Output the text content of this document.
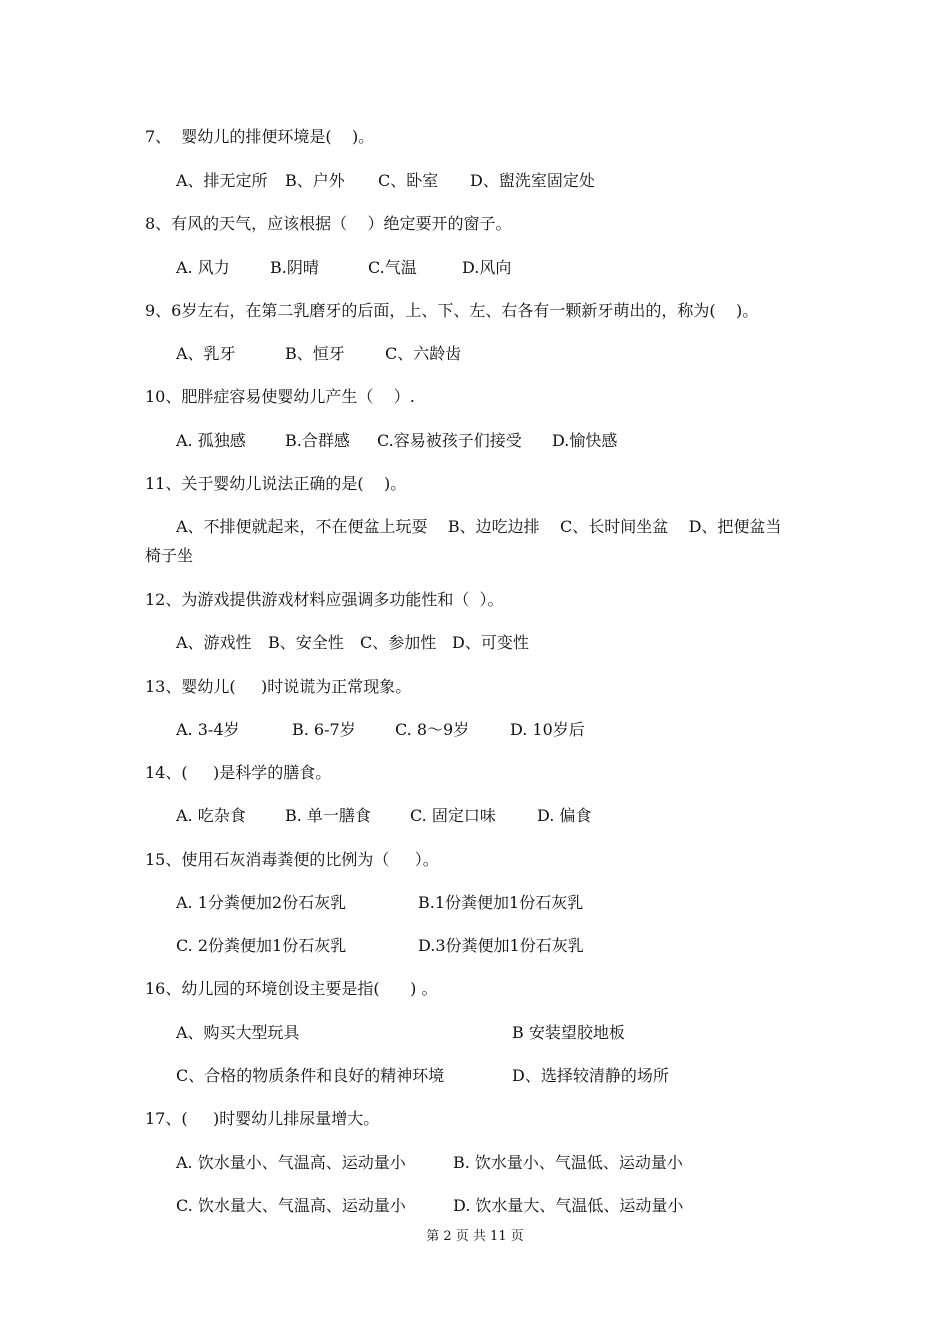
7、  婴幼儿的排便环境是(    )。
A、排无定所 B、户外 C、卧室 D、盥洗室固定处
8、有风的天气，应该根据（    ）绝定要开的窗子。
A. 风力	B.阴晴	C.气温	D.风向
9、6岁左右，在第二乳磨牙的后面，上、下、左、右各有一颗新牙萌出的，称为(    )。
A、乳牙	B、恒牙	C、六龄齿
10、肥胖症容易使婴幼儿产生（    ）.
A. 孤独感 B.合群感 C.容易被孩子们接受 D.愉快感
11、关于婴幼儿说法正确的是(    )。
A、不排便就起来，不在便盆上玩耍    B、边吃边排    C、长时间坐盆    D、把便盆当
椅子坐
12、为游戏提供游戏材料应强调多功能性和（  ）。
A、游戏性 B、安全性 C、参加性 D、可变性
13、婴幼儿(     )时说谎为正常现象。
A. 3-4岁	B. 6-7岁 C. 8～9岁	D. 10岁后
14、(     )是科学的膳食。
A. 吃杂食 B. 单一膳食 C. 固定口味	D. 偏食
15、使用石灰消毒粪便的比例为（     ）。
A. 1分粪便加2份石灰乳	B.1份粪便加1份石灰乳
C. 2份粪便加1份石灰乳	D.3份粪便加1份石灰乳
16、幼儿园的环境创设主要是指(      ) 。
A、购买大型玩具	B 安装望胶地板
C、合格的物质条件和良好的精神环境	D、选择较清静的场所
17、(     )时婴幼儿排尿量增大。
A. 饮水量小、气温高、运动量小	B. 饮水量小、气温低、运动量小
C. 饮水量大、气温高、运动量小	D. 饮水量大、气温低、运动量小
第 2 页 共 11 页
